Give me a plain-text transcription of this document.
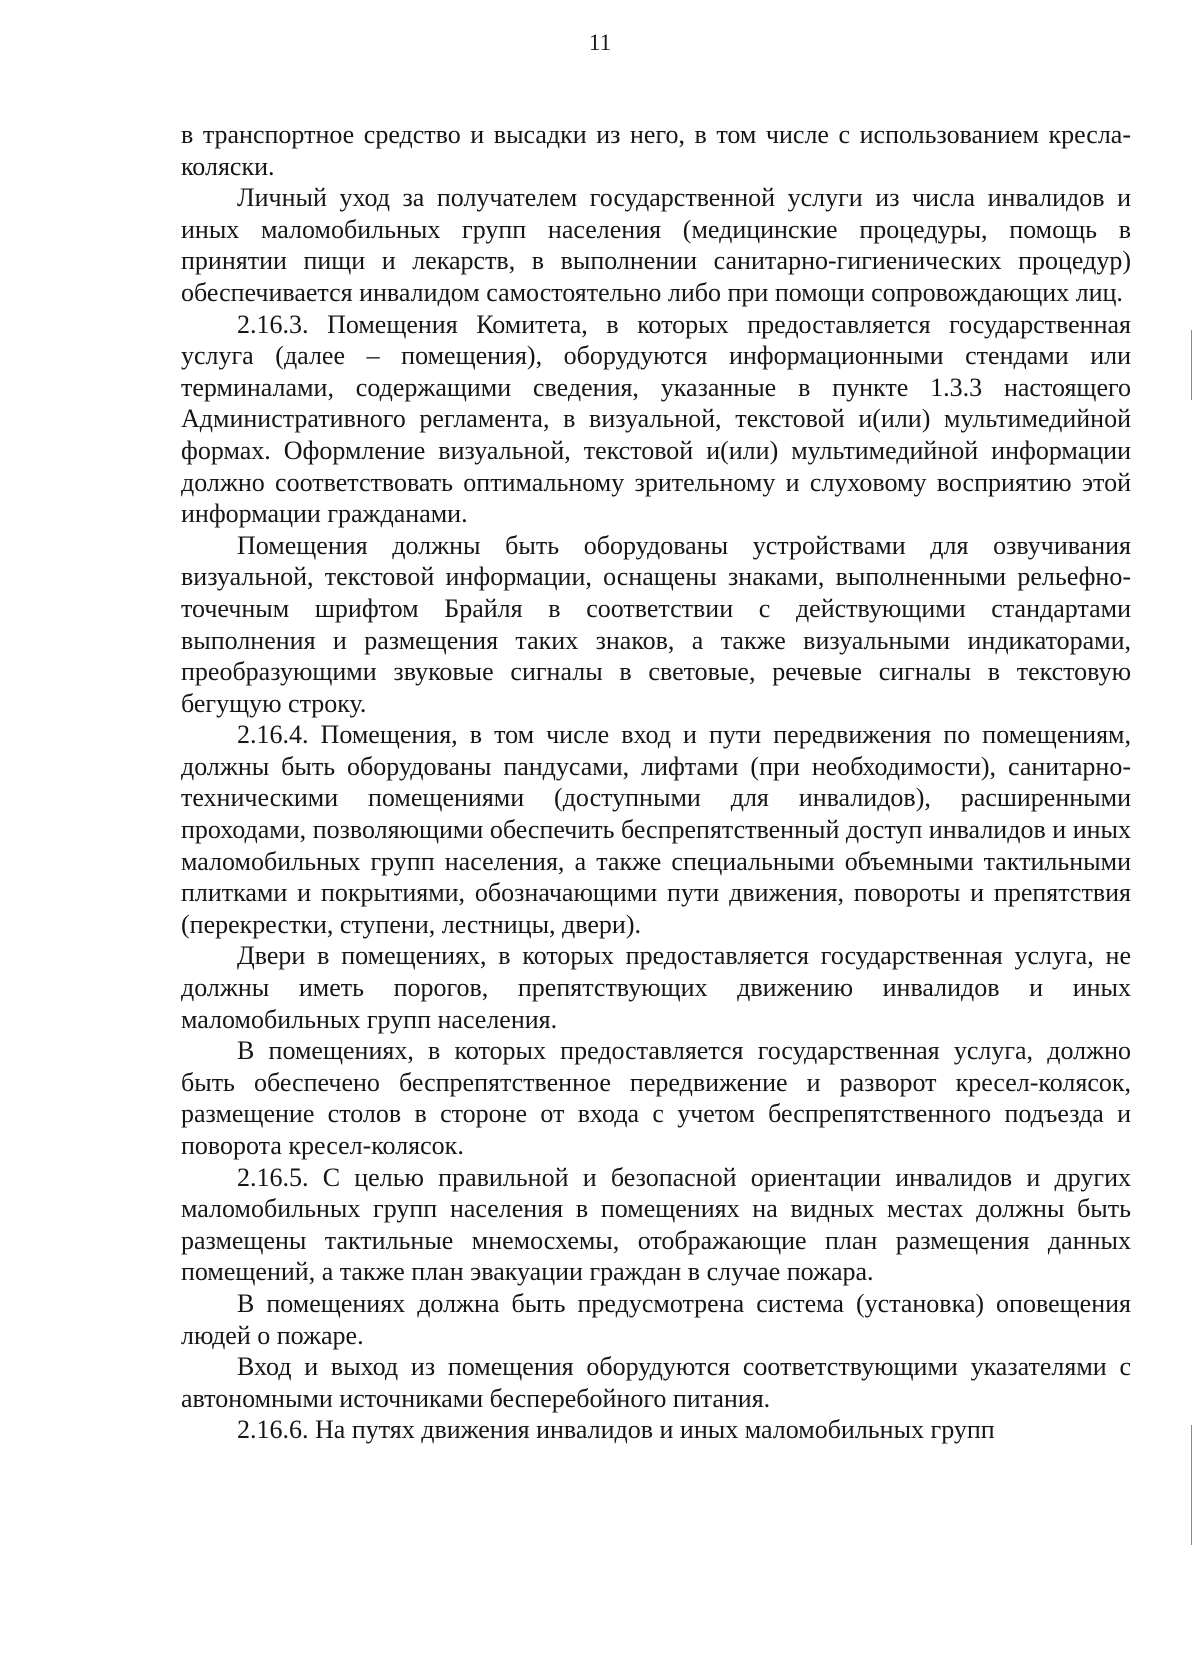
11
в транспортное средство и высадки из него, в том числе с использованием кресла-коляски.
Личный уход за получателем государственной услуги из числа инвалидов и иных маломобильных групп населения (медицинские процедуры, помощь в принятии пищи и лекарств, в выполнении санитарно-гигиенических процедур) обеспечивается инвалидом самостоятельно либо при помощи сопровождающих лиц.
2.16.3. Помещения Комитета, в которых предоставляется государственная услуга (далее – помещения), оборудуются информационными стендами или терминалами, содержащими сведения, указанные в пункте 1.3.3 настоящего Административного регламента, в визуальной, текстовой и(или) мультимедийной формах. Оформление визуальной, текстовой и(или) мультимедийной информации должно соответствовать оптимальному зрительному и слуховому восприятию этой информации гражданами.
Помещения должны быть оборудованы устройствами для озвучивания визуальной, текстовой информации, оснащены знаками, выполненными рельефно-точечным шрифтом Брайля в соответствии с действующими стандартами выполнения и размещения таких знаков, а также визуальными индикаторами, преобразующими звуковые сигналы в световые, речевые сигналы в текстовую бегущую строку.
2.16.4. Помещения, в том числе вход и пути передвижения по помещениям, должны быть оборудованы пандусами, лифтами (при необходимости), санитарно-техническими помещениями (доступными для инвалидов), расширенными проходами, позволяющими обеспечить беспрепятственный доступ инвалидов и иных маломобильных групп населения, а также специальными объемными тактильными плитками и покрытиями, обозначающими пути движения, повороты и препятствия (перекрестки, ступени, лестницы, двери).
Двери в помещениях, в которых предоставляется государственная услуга, не должны иметь порогов, препятствующих движению инвалидов и иных маломобильных групп населения.
В помещениях, в которых предоставляется государственная услуга, должно быть обеспечено беспрепятственное передвижение и разворот кресел-колясок, размещение столов в стороне от входа с учетом беспрепятственного подъезда и поворота кресел-колясок.
2.16.5. С целью правильной и безопасной ориентации инвалидов и других маломобильных групп населения в помещениях на видных местах должны быть размещены тактильные мнемосхемы, отображающие план размещения данных помещений, а также план эвакуации граждан в случае пожара.
В помещениях должна быть предусмотрена система (установка) оповещения людей о пожаре.
Вход и выход из помещения оборудуются соответствующими указателями с автономными источниками бесперебойного питания.
2.16.6. На путях движения инвалидов и иных маломобильных групп
